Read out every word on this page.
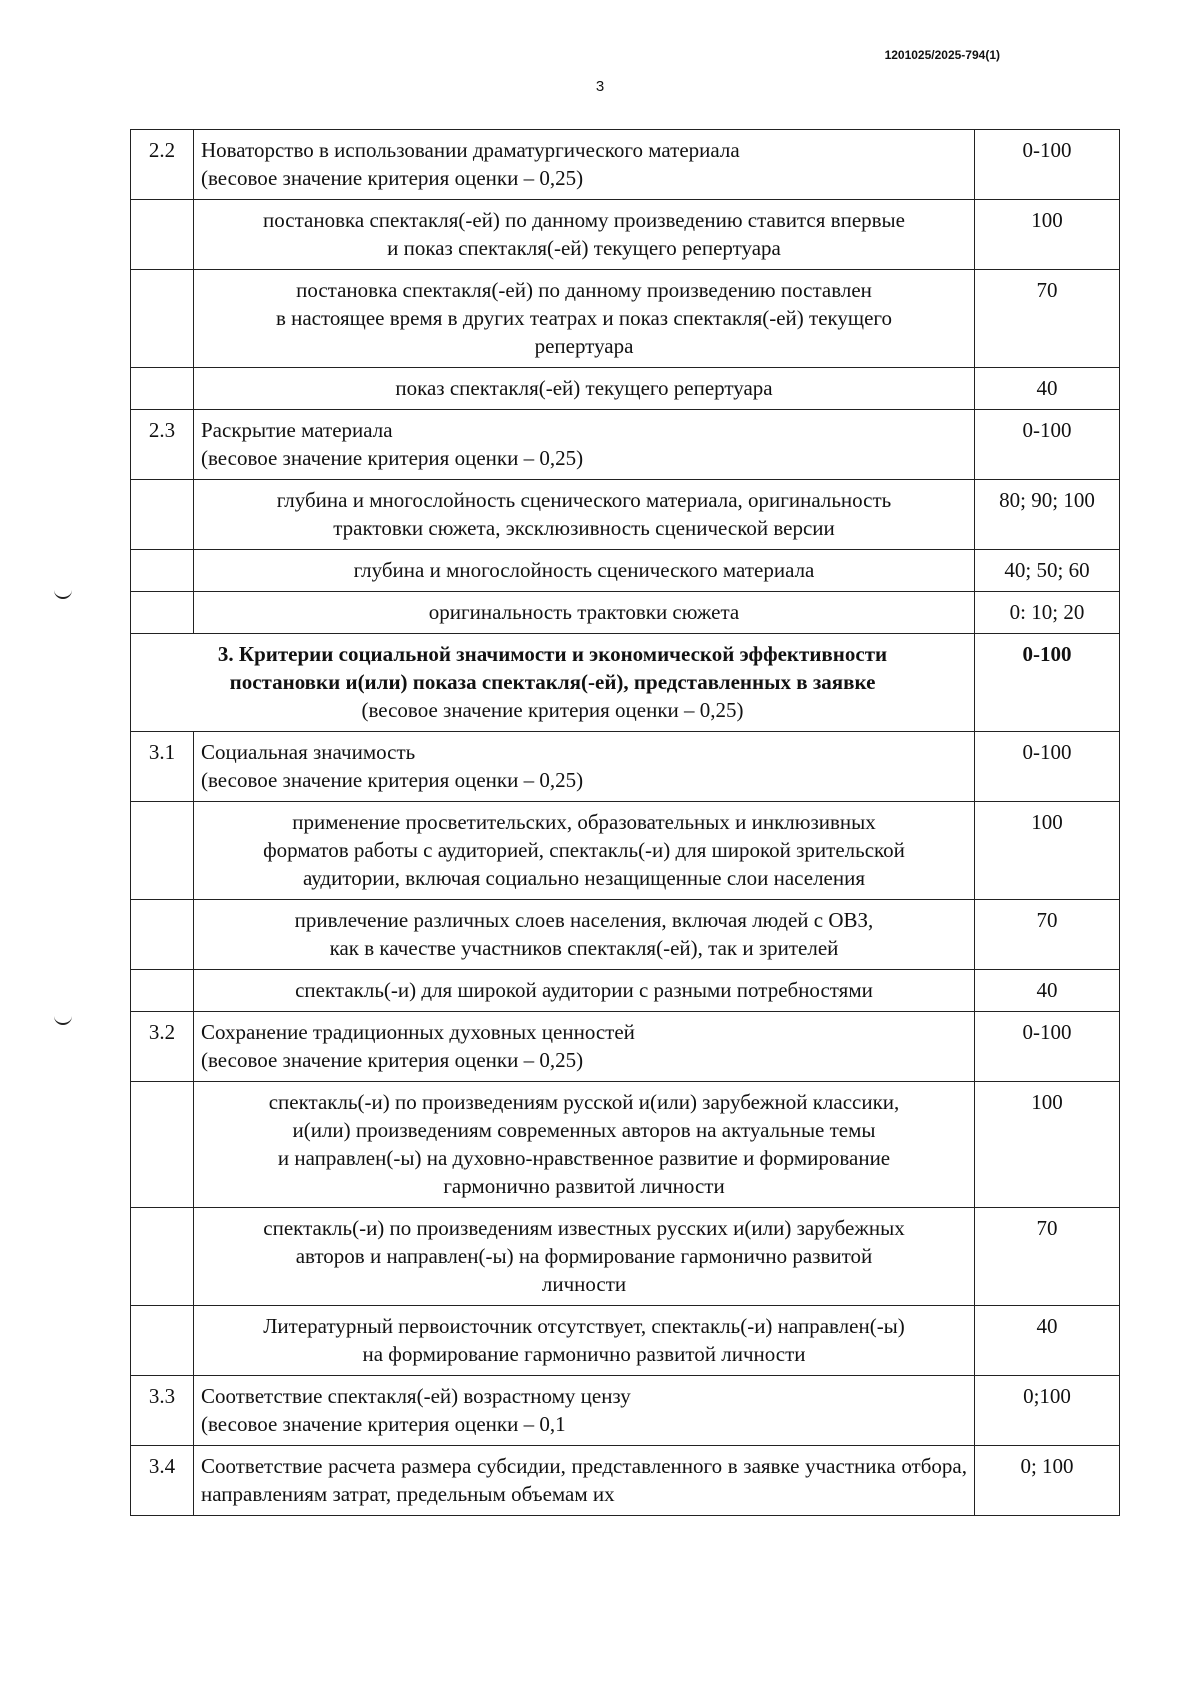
1201025/2025-794(1)
3
2.2	Новаторство в использовании драматургического материала
(весовое значение критерия оценки – 0,25)	0-100

	постановка спектакля(-ей) по данному произведению ставится впервые
и показ спектакля(-ей) текущего репертуара	100

	постановка спектакля(-ей) по данному произведению поставлен
в настоящее время в других театрах и показ спектакля(-ей) текущего
репертуара	70

	показ спектакля(-ей) текущего репертуара	40
2.3	Раскрытие материала
(весовое значение критерия оценки – 0,25)	0-100

	глубина и многослойность сценического материала, оригинальность
трактовки сюжета, эксклюзивность сценической версии	80; 90; 100

	глубина и многослойность сценического материала	40; 50; 60

	оригинальность трактовки сюжета	0: 10; 20

3. Критерии социальной значимости и экономической эффективности
постановки и(или) показа спектакля(-ей), представленных в заявке
(весовое значение критерия оценки – 0,25)		0-100

3.1	Социальная значимость
(весовое значение критерия оценки – 0,25)	0-100

	применение просветительских, образовательных и инклюзивных
форматов работы с аудиторией, спектакль(-и) для широкой зрительской
аудитории, включая социально незащищенные слои населения	100

	привлечение различных слоев населения, включая людей с ОВЗ,
как в качестве участников спектакля(-ей), так и зрителей	70

	спектакль(-и) для широкой аудитории с разными потребностями	40
3.2	Сохранение традиционных духовных ценностей
(весовое значение критерия оценки – 0,25)	0-100

	спектакль(-и) по произведениям русской и(или) зарубежной классики,
и(или) произведениям современных авторов на актуальные темы
и направлен(-ы) на духовно-нравственное развитие и формирование
гармонично развитой личности	100

	спектакль(-и) по произведениям известных русских и(или) зарубежных
авторов и направлен(-ы) на формирование гармонично развитой
личности	70

	Литературный первоисточник отсутствует, спектакль(-и) направлен(-ы)
на формирование гармонично развитой личности	40
3.3	Соответствие спектакля(-ей) возрастному цензу
(весовое значение критерия оценки – 0,1	0;100
3.4	Соответствие расчета размера субсидии, представленного в заявке участника отбора, направлениям затрат, предельным объемам их	0; 100
